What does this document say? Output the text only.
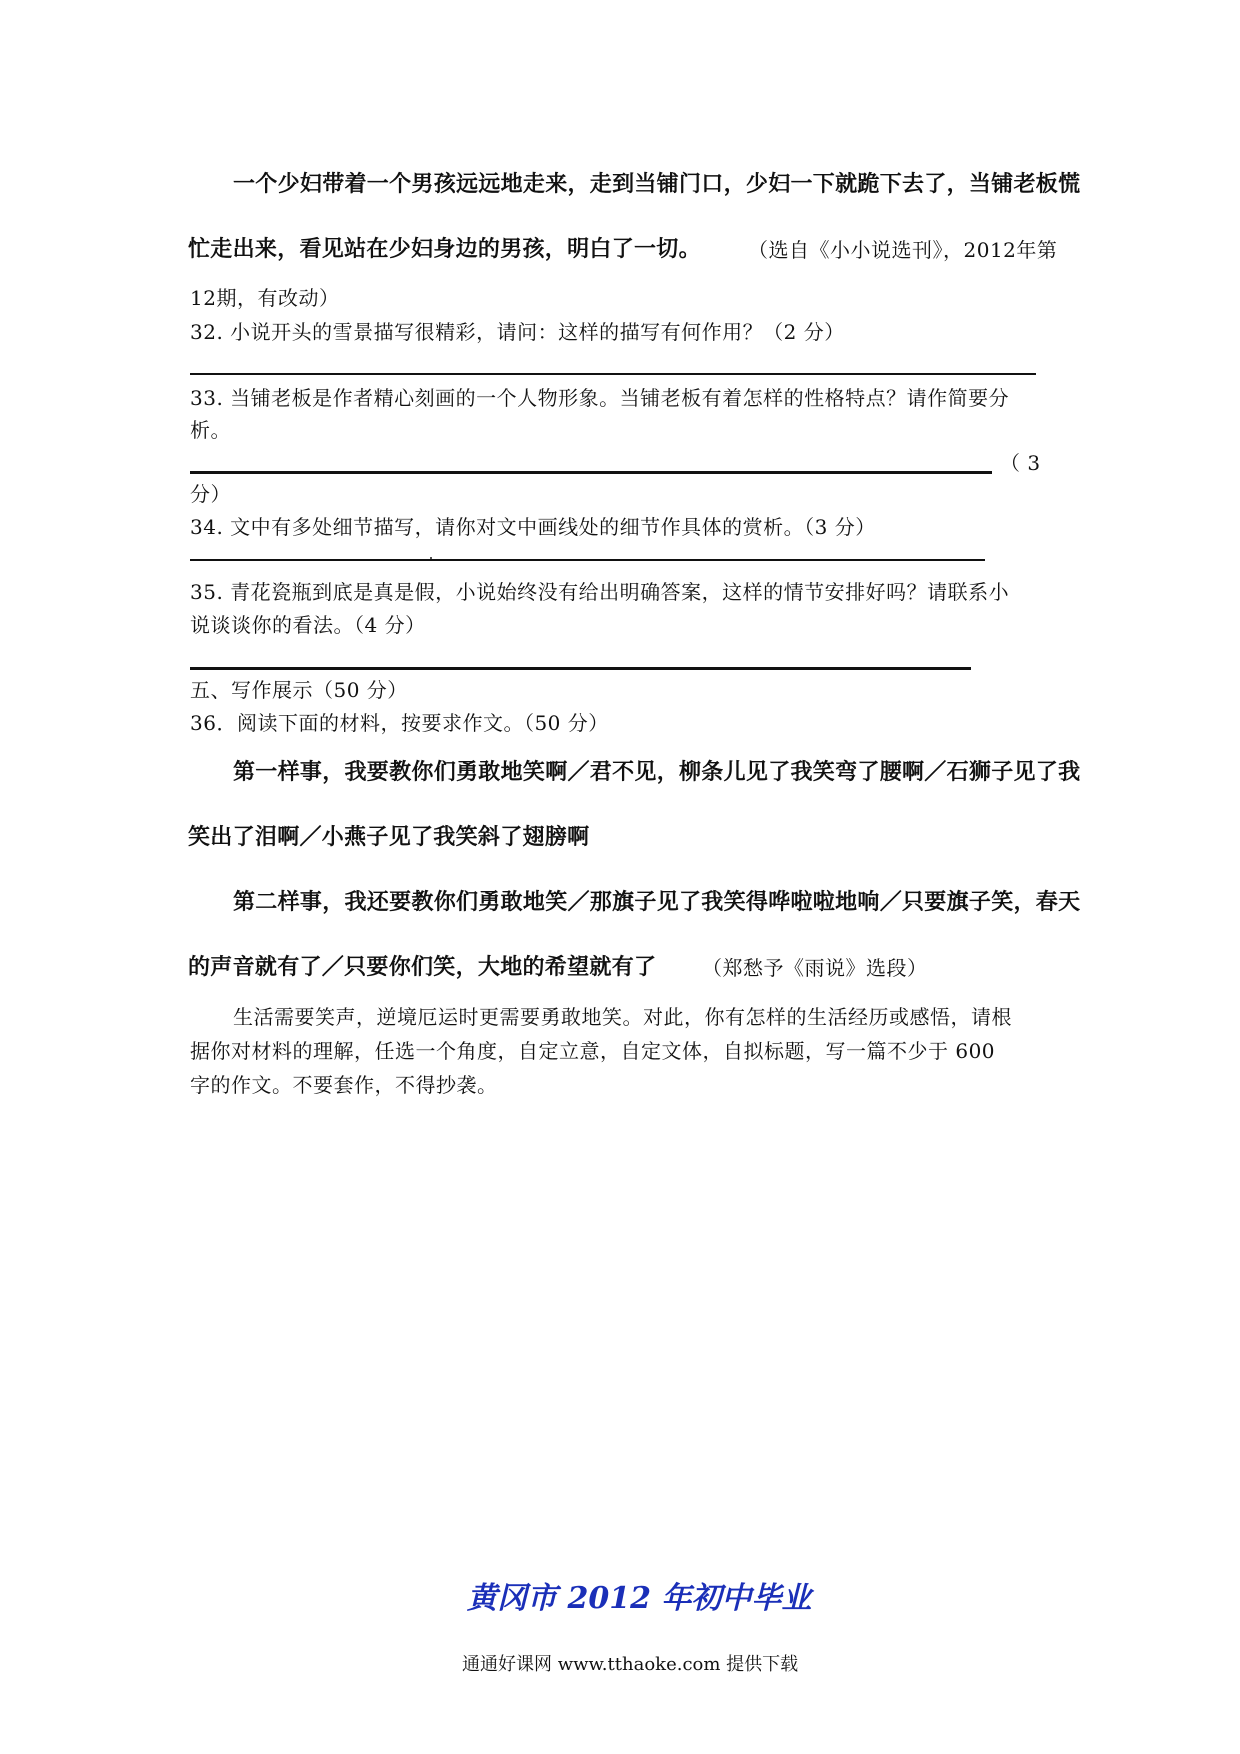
一个少妇带着一个男孩远远地走来，走到当铺门口，少妇一下就跪下去了，当铺老板慌
忙走出来，看见站在少妇身边的男孩，明白了一切。 （选自《小小说选刊》，2012年第
12期，有改动）
32. 小说开头的雪景描写很精彩，请问：这样的描写有何作用？（2 分）
33. 当铺老板是作者精心刻画的一个人物形象。当铺老板有着怎样的性格特点？请作简要分
析。
（ 3
分）
34. 文中有多处细节描写，请你对文中画线处的细节作具体的赏析。（3 分）
35. 青花瓷瓶到底是真是假，小说始终没有给出明确答案，这样的情节安排好吗？请联系小
说谈谈你的看法。（4 分）
五、写作展示（50 分）
36．阅读下面的材料，按要求作文。（50 分）
第一样事，我要教你们勇敢地笑啊／君不见，柳条儿见了我笑弯了腰啊／石狮子见了我
笑出了泪啊／小燕子见了我笑斜了翅膀啊
第二样事，我还要教你们勇敢地笑／那旗子见了我笑得哗啦啦地响／只要旗子笑，春天
的声音就有了／只要你们笑，大地的希望就有了 （郑愁予《雨说》选段）
生活需要笑声，逆境厄运时更需要勇敢地笑。对此，你有怎样的生活经历或感悟，请根
据你对材料的理解，任选一个角度，自定立意，自定文体，自拟标题，写一篇不少于 600
字的作文。不要套作，不得抄袭。
黄冈市 2012 年初中毕业
通通好课网 www.tthaoke.com 提供下载
